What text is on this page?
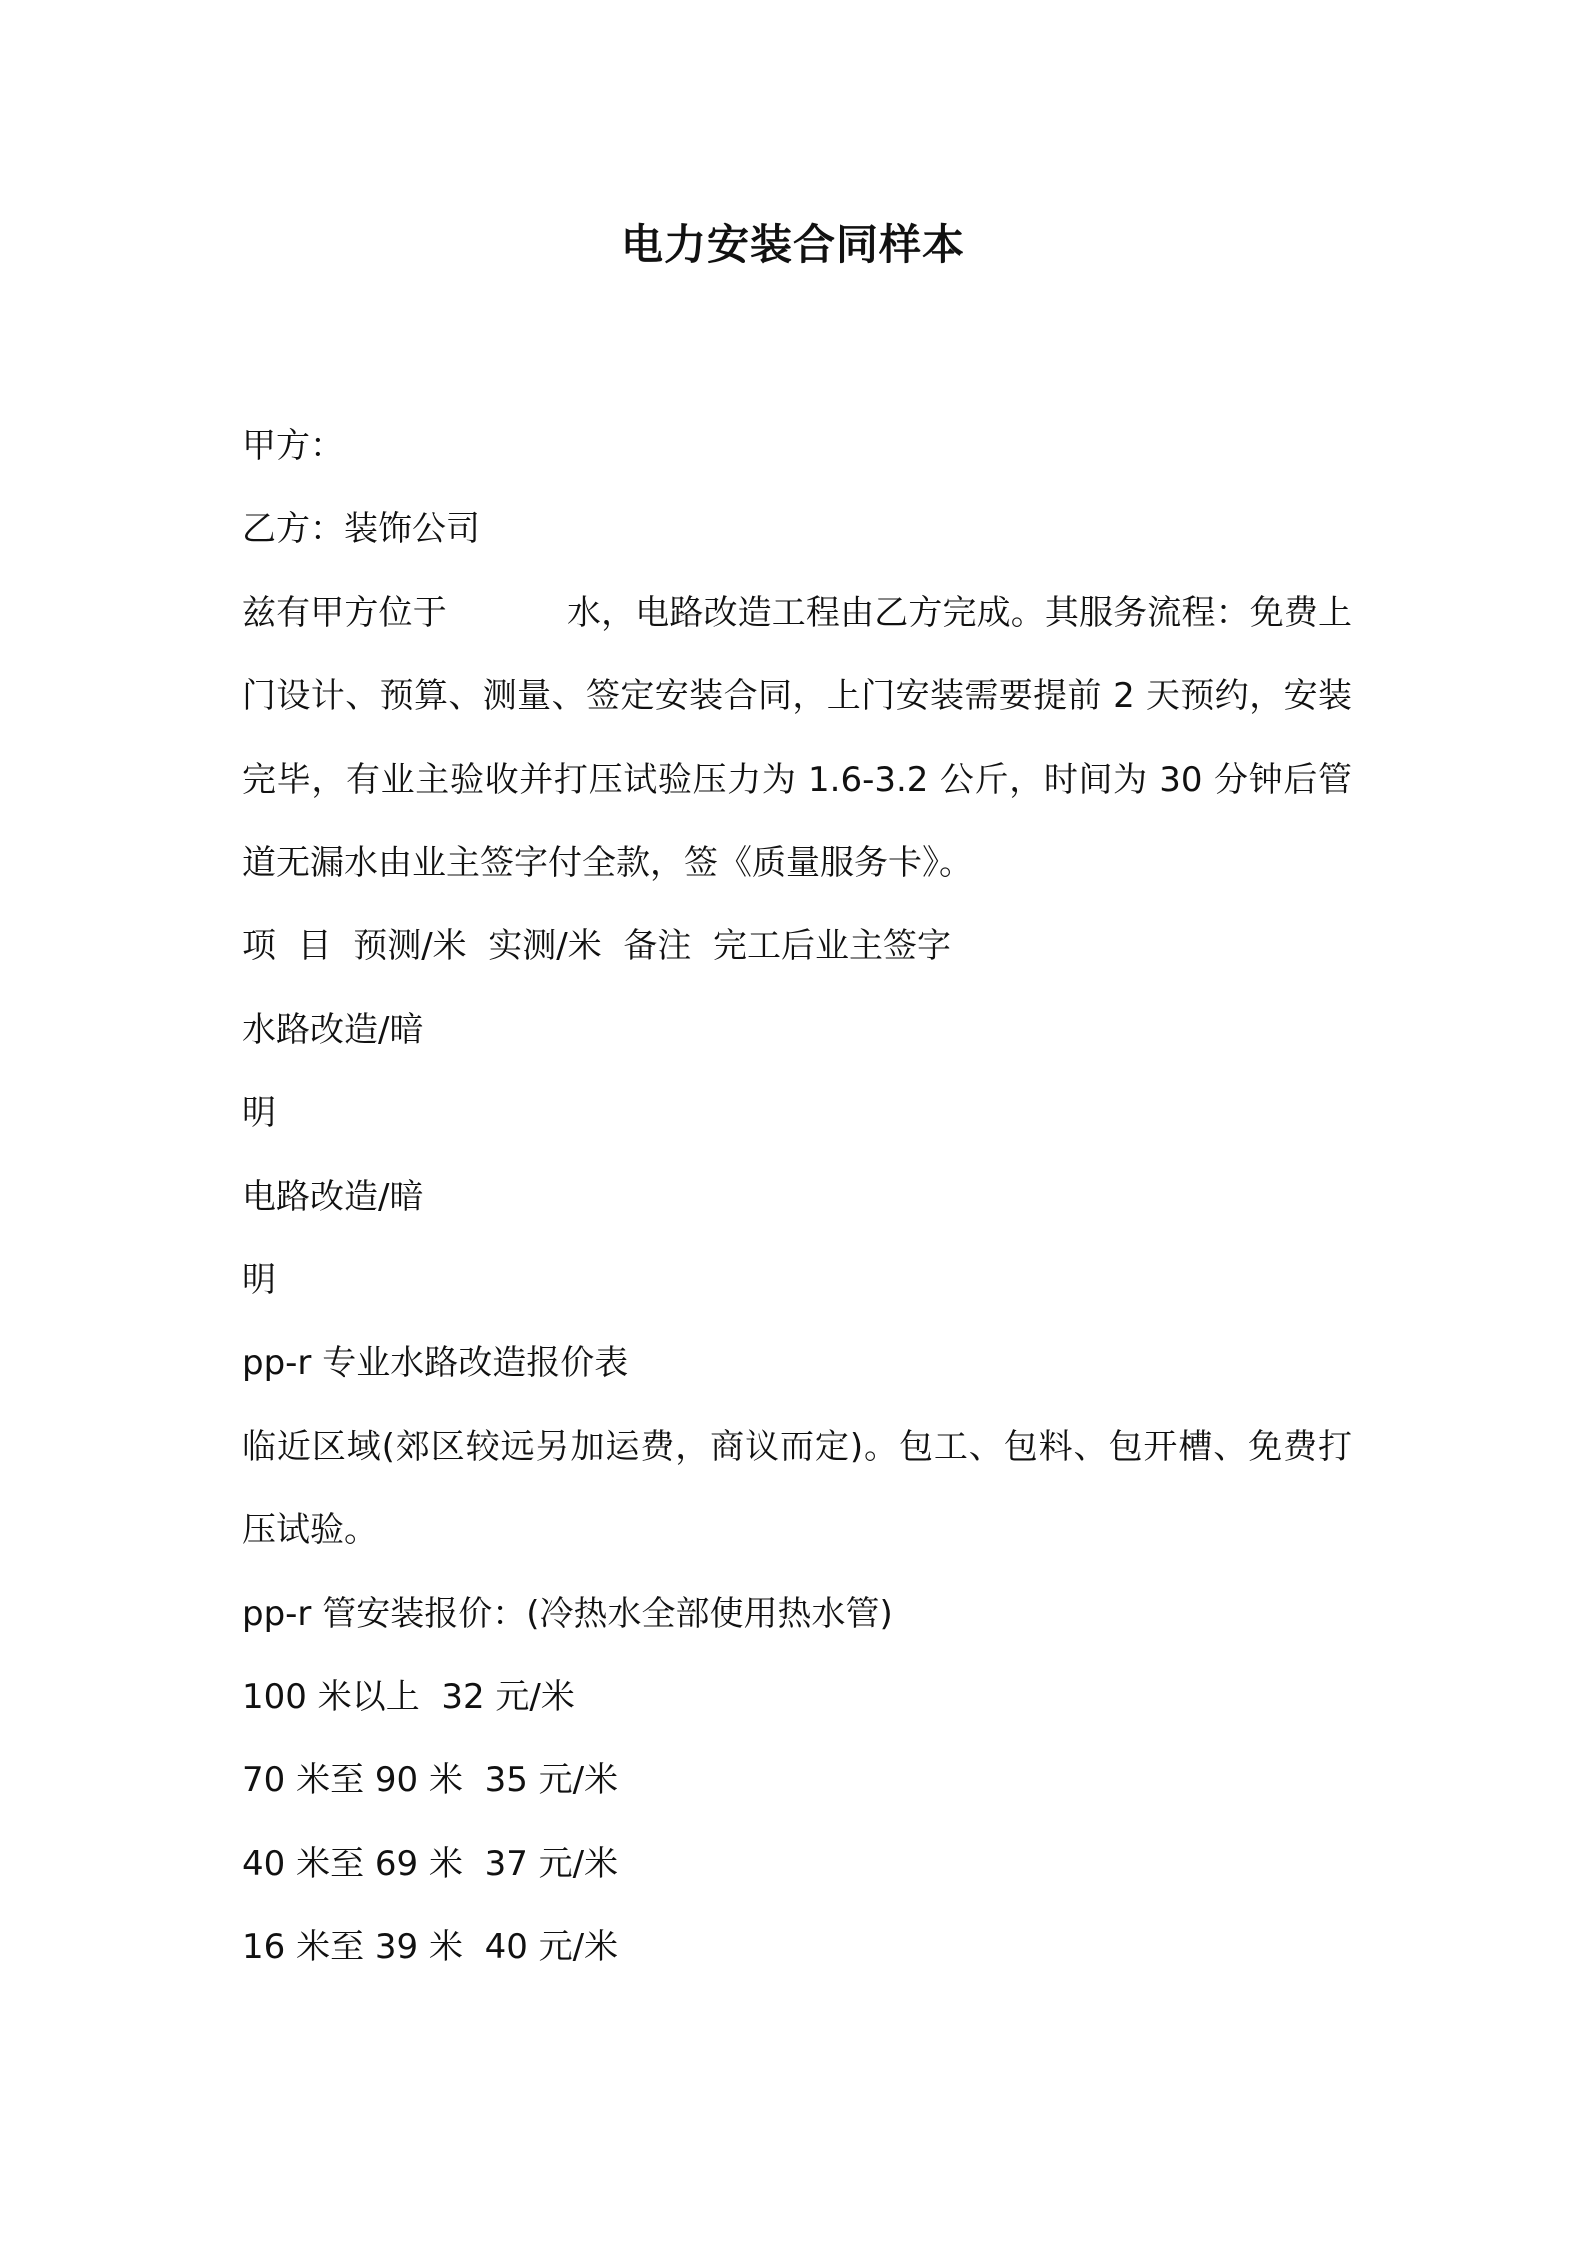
电力安装合同样本
甲方：
乙方：装饰公司
兹有甲方位于	水，电路改造工程由乙方完成。其服务流程：免费上门设计、预算、测量、签定安装合同，上门安装需要提前 2 天预约，安装完毕，有业主验收并打压试验压力为 1.6-3.2 公斤，时间为 30 分钟后管道无漏水由业主签字付全款，签《质量服务卡》。
项  目  预测/米  实测/米  备注  完工后业主签字
水路改造/暗
明
电路改造/暗
明
pp-r 专业水路改造报价表
临近区域(郊区较远另加运费，商议而定)。包工、包料、包开槽、免费打压试验。
pp-r 管安装报价：(冷热水全部使用热水管)
100 米以上  32 元/米
70 米至 90 米  35 元/米
40 米至 69 米  37 元/米
16 米至 39 米  40 元/米
